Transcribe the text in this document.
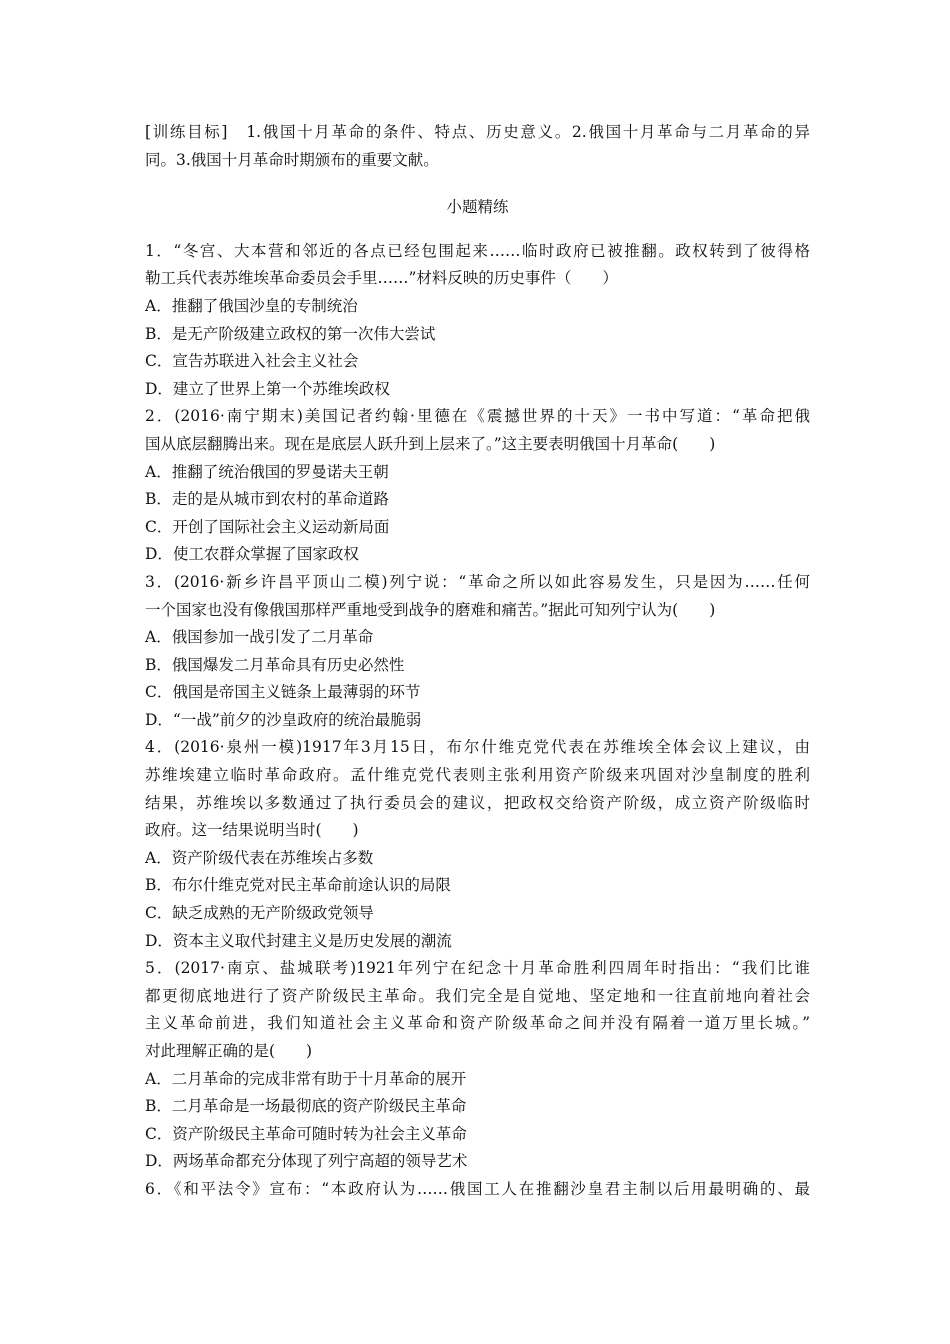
[训练目标]　1.俄国十月革命的条件、特点、历史意义。2.俄国十月革命与二月革命的异
同。3.俄国十月革命时期颁布的重要文献。
小题精练
1．“冬宫、大本营和邻近的各点已经包围起来……临时政府已被推翻。政权转到了彼得格
勒工兵代表苏维埃革命委员会手里……”材料反映的历史事件（　　）
A．推翻了俄国沙皇的专制统治
B．是无产阶级建立政权的第一次伟大尝试
C．宣告苏联进入社会主义社会
D．建立了世界上第一个苏维埃政权
2．(2016·南宁期末)美国记者约翰·里德在《震撼世界的十天》一书中写道：“革命把俄
国从底层翻腾出来。现在是底层人跃升到上层来了。”这主要表明俄国十月革命(　　)
A．推翻了统治俄国的罗曼诺夫王朝
B．走的是从城市到农村的革命道路
C．开创了国际社会主义运动新局面
D．使工农群众掌握了国家政权
3．(2016·新乡许昌平顶山二模)列宁说：“革命之所以如此容易发生，只是因为……任何
一个国家也没有像俄国那样严重地受到战争的磨难和痛苦。”据此可知列宁认为(　　)
A．俄国参加一战引发了二月革命
B．俄国爆发二月革命具有历史必然性
C．俄国是帝国主义链条上最薄弱的环节
D．“一战”前夕的沙皇政府的统治最脆弱
4．(2016·泉州一模)1917年3月15日，布尔什维克党代表在苏维埃全体会议上建议，由
苏维埃建立临时革命政府。孟什维克党代表则主张利用资产阶级来巩固对沙皇制度的胜利
结果，苏维埃以多数通过了执行委员会的建议，把政权交给资产阶级，成立资产阶级临时
政府。这一结果说明当时(　　)
A．资产阶级代表在苏维埃占多数
B．布尔什维克党对民主革命前途认识的局限
C．缺乏成熟的无产阶级政党领导
D．资本主义取代封建主义是历史发展的潮流
5．(2017·南京、盐城联考)1921年列宁在纪念十月革命胜利四周年时指出：“我们比谁
都更彻底地进行了资产阶级民主革命。我们完全是自觉地、坚定地和一往直前地向着社会
主义革命前进，我们知道社会主义革命和资产阶级革命之间并没有隔着一道万里长城。”
对此理解正确的是(　　)
A．二月革命的完成非常有助于十月革命的展开
B．二月革命是一场最彻底的资产阶级民主革命
C．资产阶级民主革命可随时转为社会主义革命
D．两场革命都充分体现了列宁高超的领导艺术
6．《和平法令》宣布：“本政府认为……俄国工人在推翻沙皇君主制以后用最明确的、最
